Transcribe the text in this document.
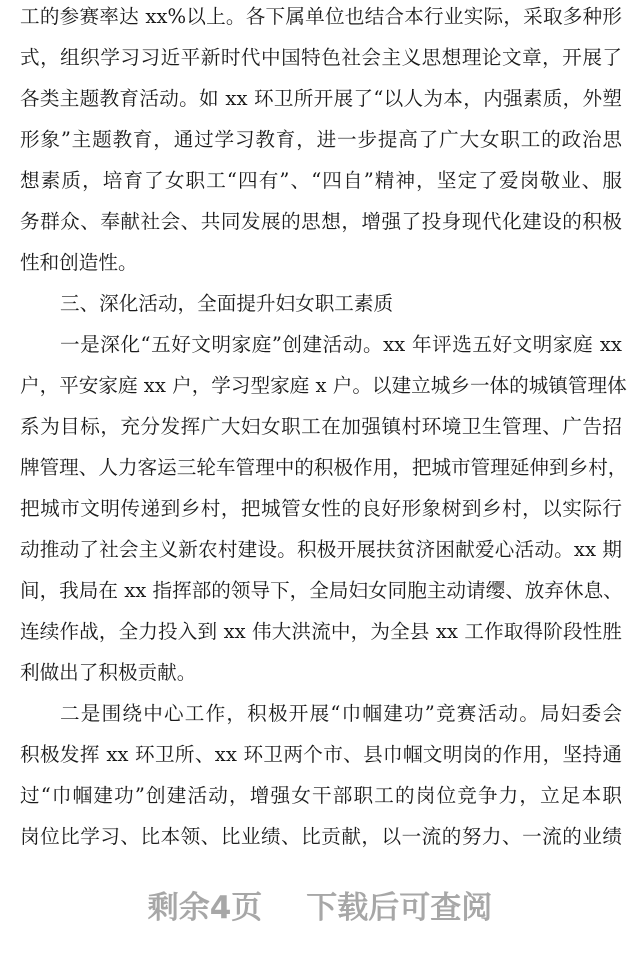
工的参赛率达 xx%以上。各下属单位也结合本行业实际，采取多种形
式，组织学习习近平新时代中国特色社会主义思想理论文章，开展了
各类主题教育活动。如 xx 环卫所开展了“以人为本，内强素质，外塑
形象”主题教育，通过学习教育，进一步提高了广大女职工的政治思
想素质，培育了女职工“四有”、“四自”精神，坚定了爱岗敬业、服
务群众、奉献社会、共同发展的思想，增强了投身现代化建设的积极
性和创造性。
三、深化活动，全面提升妇女职工素质
一是深化“五好文明家庭”创建活动。xx 年评选五好文明家庭 xx
户，平安家庭 xx 户，学习型家庭 x 户。以建立城乡一体的城镇管理体
系为目标，充分发挥广大妇女职工在加强镇村环境卫生管理、广告招
牌管理、人力客运三轮车管理中的积极作用，把城市管理延伸到乡村，
把城市文明传递到乡村，把城管女性的良好形象树到乡村，以实际行
动推动了社会主义新农村建设。积极开展扶贫济困献爱心活动。xx 期
间，我局在 xx 指挥部的领导下，全局妇女同胞主动请缨、放弃休息、
连续作战，全力投入到 xx 伟大洪流中，为全县 xx 工作取得阶段性胜
利做出了积极贡献。
二是围绕中心工作，积极开展“巾帼建功”竞赛活动。局妇委会
积极发挥 xx 环卫所、xx 环卫两个市、县巾帼文明岗的作用，坚持通
过“巾帼建功”创建活动，增强女干部职工的岗位竞争力，立足本职
岗位比学习、比本领、比业绩、比贡献，以一流的努力、一流的业绩
剩余4页 下载后可查阅
